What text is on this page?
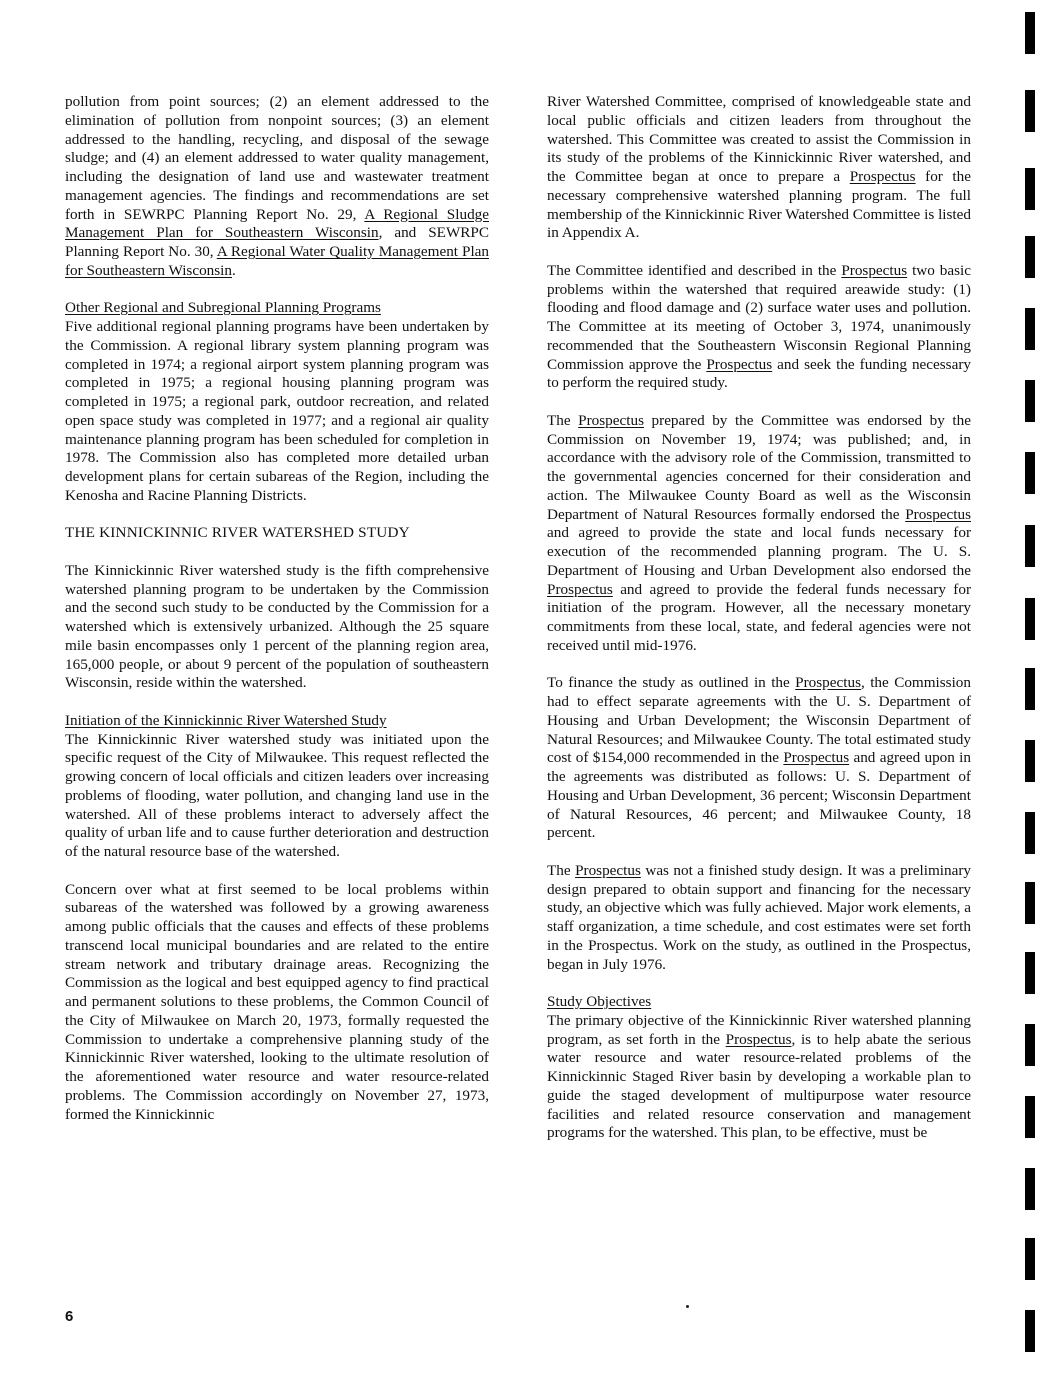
pollution from point sources; (2) an element addressed to the elimination of pollution from nonpoint sources; (3) an element addressed to the handling, recycling, and disposal of the sewage sludge; and (4) an element addressed to water quality management, including the designation of land use and wastewater treatment management agencies. The findings and recommendations are set forth in SEWRPC Planning Report No. 29, A Regional Sludge Management Plan for Southeastern Wisconsin, and SEWRPC Planning Report No. 30, A Regional Water Quality Management Plan for Southeastern Wisconsin.

Other Regional and Subregional Planning Programs

Five additional regional planning programs have been undertaken by the Commission. A regional library system planning program was completed in 1974; a regional airport system planning program was completed in 1975; a regional housing planning program was completed in 1975; a regional park, outdoor recreation, and related open space study was completed in 1977; and a regional air quality maintenance planning program has been scheduled for completion in 1978. The Commission also has completed more detailed urban development plans for certain subareas of the Region, including the Kenosha and Racine Planning Districts.

THE KINNICKINNIC RIVER WATERSHED STUDY

The Kinnickinnic River watershed study is the fifth comprehensive watershed planning program to be undertaken by the Commission and the second such study to be conducted by the Commission for a watershed which is extensively urbanized. Although the 25 square mile basin encompasses only 1 percent of the planning region area, 165,000 people, or about 9 percent of the population of southeastern Wisconsin, reside within the watershed.

Initiation of the Kinnickinnic River Watershed Study

The Kinnickinnic River watershed study was initiated upon the specific request of the City of Milwaukee. This request reflected the growing concern of local officials and citizen leaders over increasing problems of flooding, water pollution, and changing land use in the watershed. All of these problems interact to adversely affect the quality of urban life and to cause further deterioration and destruction of the natural resource base of the watershed.

Concern over what at first seemed to be local problems within subareas of the watershed was followed by a growing awareness among public officials that the causes and effects of these problems transcend local municipal boundaries and are related to the entire stream network and tributary drainage areas. Recognizing the Commission as the logical and best equipped agency to find practical and permanent solutions to these problems, the Common Council of the City of Milwaukee on March 20, 1973, formally requested the Commission to undertake a comprehensive planning study of the Kinnickinnic River watershed, looking to the ultimate resolution of the aforementioned water resource and water resource-related problems. The Commission accordingly on November 27, 1973, formed the Kinnickinnic

River Watershed Committee, comprised of knowledgeable state and local public officials and citizen leaders from throughout the watershed. This Committee was created to assist the Commission in its study of the problems of the Kinnickinnic River watershed, and the Committee began at once to prepare a Prospectus for the necessary comprehensive watershed planning program. The full membership of the Kinnickinnic River Watershed Committee is listed in Appendix A.

The Committee identified and described in the Prospectus two basic problems within the watershed that required areawide study: (1) flooding and flood damage and (2) surface water uses and pollution. The Committee at its meeting of October 3, 1974, unanimously recommended that the Southeastern Wisconsin Regional Planning Commission approve the Prospectus and seek the funding necessary to perform the required study.

The Prospectus prepared by the Committee was endorsed by the Commission on November 19, 1974; was published; and, in accordance with the advisory role of the Commission, transmitted to the governmental agencies concerned for their consideration and action. The Milwaukee County Board as well as the Wisconsin Department of Natural Resources formally endorsed the Prospectus and agreed to provide the state and local funds necessary for execution of the recommended planning program. The U. S. Department of Housing and Urban Development also endorsed the Prospectus and agreed to provide the federal funds necessary for initiation of the program. However, all the necessary monetary commitments from these local, state, and federal agencies were not received until mid-1976.

To finance the study as outlined in the Prospectus, the Commission had to effect separate agreements with the U. S. Department of Housing and Urban Development; the Wisconsin Department of Natural Resources; and Milwaukee County. The total estimated study cost of $154,000 recommended in the Prospectus and agreed upon in the agreements was distributed as follows: U. S. Department of Housing and Urban Development, 36 percent; Wisconsin Department of Natural Resources, 46 percent; and Milwaukee County, 18 percent.

The Prospectus was not a finished study design. It was a preliminary design prepared to obtain support and financing for the necessary study, an objective which was fully achieved. Major work elements, a staff organization, a time schedule, and cost estimates were set forth in the Prospectus. Work on the study, as outlined in the Prospectus, began in July 1976.

Study Objectives

The primary objective of the Kinnickinnic River watershed planning program, as set forth in the Prospectus, is to help abate the serious water resource and water resource-related problems of the Kinnickinnic Staged River basin by developing a workable plan to guide the staged development of multipurpose water resource facilities and related resource conservation and management programs for the watershed. This plan, to be effective, must be

6
